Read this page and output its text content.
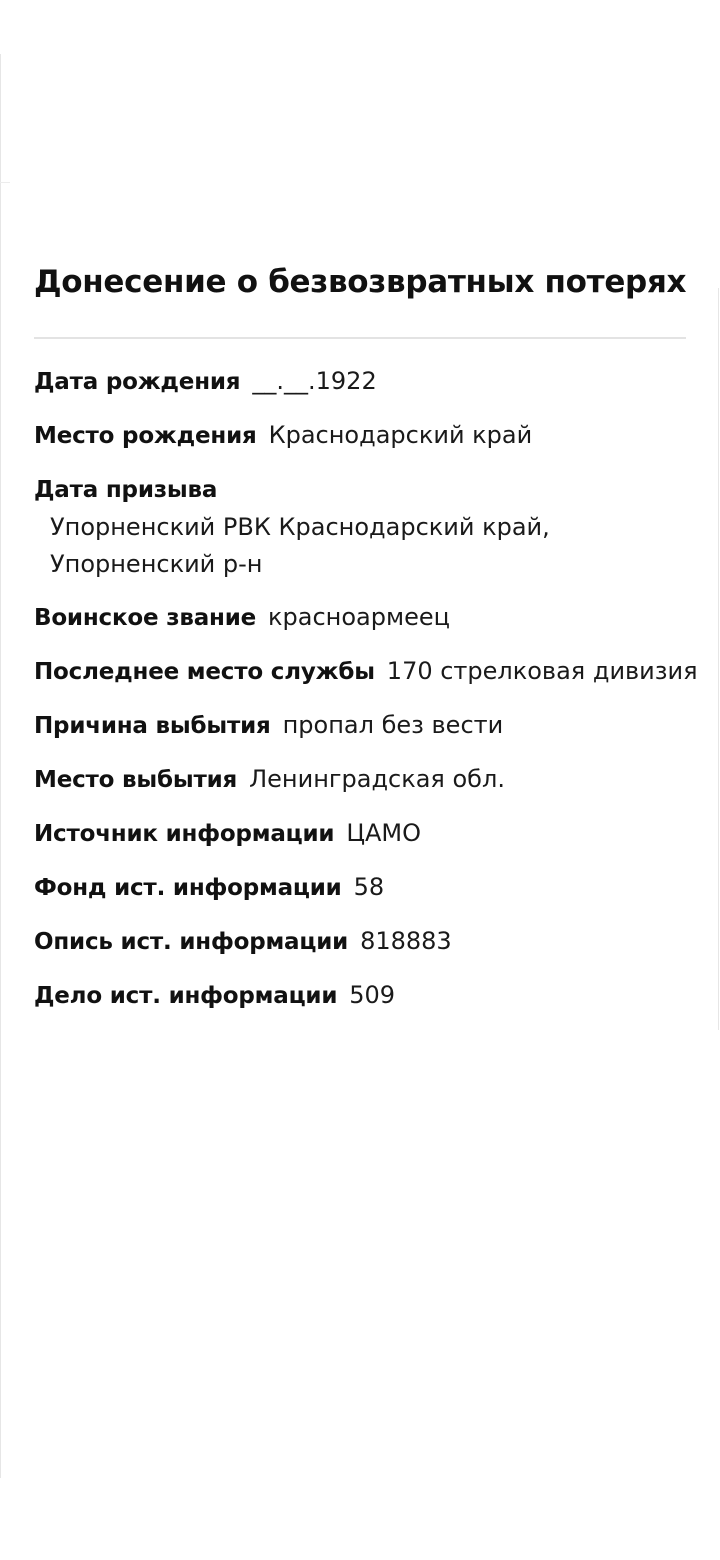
Донесение о безвозвратных потерях
Дата рождения __.__.1922
Место рождения Краснодарский край
Дата призыва
Упорненский РВК Краснодарский край, Упорненский р-н
Воинское звание красноармеец
Последнее место службы 170 стрелковая дивизия
Причина выбытия пропал без вести
Место выбытия Ленинградская обл.
Источник информации ЦАМО
Фонд ист. информации 58
Опись ист. информации 818883
Дело ист. информации 509
